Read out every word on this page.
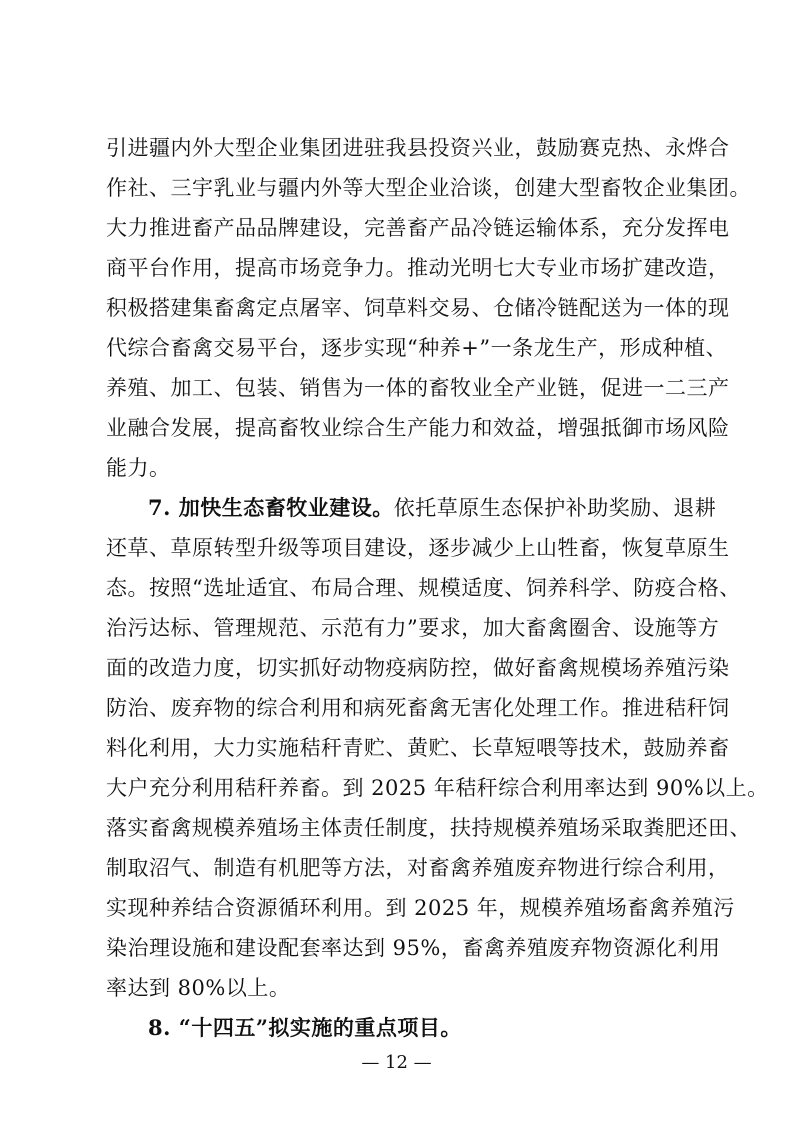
引进疆内外大型企业集团进驻我县投资兴业，鼓励赛克热、永烨合
作社、三宇乳业与疆内外等大型企业洽谈，创建大型畜牧企业集团。
大力推进畜产品品牌建设，完善畜产品冷链运输体系，充分发挥电
商平台作用，提高市场竞争力。推动光明七大专业市场扩建改造，
积极搭建集畜禽定点屠宰、饲草料交易、仓储冷链配送为一体的现
代综合畜禽交易平台，逐步实现“种养+”一条龙生产，形成种植、
养殖、加工、包装、销售为一体的畜牧业全产业链，促进一二三产
业融合发展，提高畜牧业综合生产能力和效益，增强抵御市场风险
能力。
7. 加快生态畜牧业建设。依托草原生态保护补助奖励、退耕
还草、草原转型升级等项目建设，逐步减少上山牲畜，恢复草原生
态。按照“选址适宜、布局合理、规模适度、饲养科学、防疫合格、
治污达标、管理规范、示范有力”要求，加大畜禽圈舍、设施等方
面的改造力度，切实抓好动物疫病防控，做好畜禽规模场养殖污染
防治、废弃物的综合利用和病死畜禽无害化处理工作。推进秸秆饲
料化利用，大力实施秸秆青贮、黄贮、长草短喂等技术，鼓励养畜
大户充分利用秸秆养畜。到 2025 年秸秆综合利用率达到 90%以上。
落实畜禽规模养殖场主体责任制度，扶持规模养殖场采取粪肥还田、
制取沼气、制造有机肥等方法，对畜禽养殖废弃物进行综合利用，
实现种养结合资源循环利用。到 2025 年，规模养殖场畜禽养殖污
染治理设施和建设配套率达到 95%，畜禽养殖废弃物资源化利用
率达到 80%以上。
8. “十四五”拟实施的重点项目。
— 12 —
